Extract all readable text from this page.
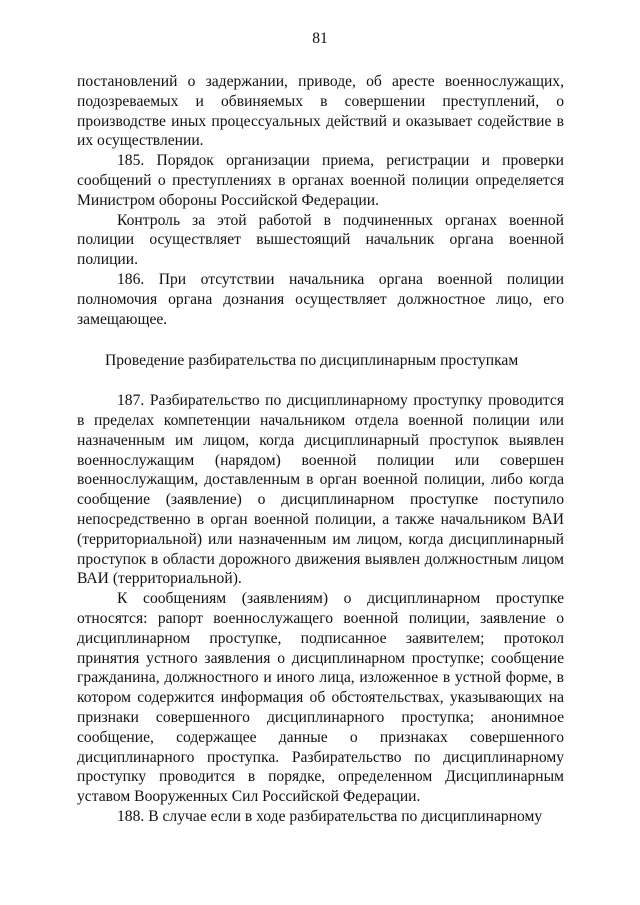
81

постановлений о задержании, приводе, об аресте военнослужащих, подозреваемых и обвиняемых в совершении преступлений, о производстве иных процессуальных действий и оказывает содействие в их осуществлении.

185. Порядок организации приема, регистрации и проверки сообщений о преступлениях в органах военной полиции определяется Министром обороны Российской Федерации.

Контроль за этой работой в подчиненных органах военной полиции осуществляет вышестоящий начальник органа военной полиции.

186. При отсутствии начальника органа военной полиции полномочия органа дознания осуществляет должностное лицо, его замещающее.

Проведение разбирательства по дисциплинарным проступкам

187. Разбирательство по дисциплинарному проступку проводится в пределах компетенции начальником отдела военной полиции или назначенным им лицом, когда дисциплинарный проступок выявлен военнослужащим (нарядом) военной полиции или совершен военнослужащим, доставленным в орган военной полиции, либо когда сообщение (заявление) о дисциплинарном проступке поступило непосредственно в орган военной полиции, а также начальником ВАИ (территориальной) или назначенным им лицом, когда дисциплинарный проступок в области дорожного движения выявлен должностным лицом ВАИ (территориальной).

К сообщениям (заявлениям) о дисциплинарном проступке относятся: рапорт военнослужащего военной полиции, заявление о дисциплинарном проступке, подписанное заявителем; протокол принятия устного заявления о дисциплинарном проступке; сообщение гражданина, должностного и иного лица, изложенное в устной форме, в котором содержится информация об обстоятельствах, указывающих на признаки совершенного дисциплинарного проступка; анонимное сообщение, содержащее данные о признаках совершенного дисциплинарного проступка. Разбирательство по дисциплинарному проступку проводится в порядке, определенном Дисциплинарным уставом Вооруженных Сил Российской Федерации.

188. В случае если в ходе разбирательства по дисциплинарному
